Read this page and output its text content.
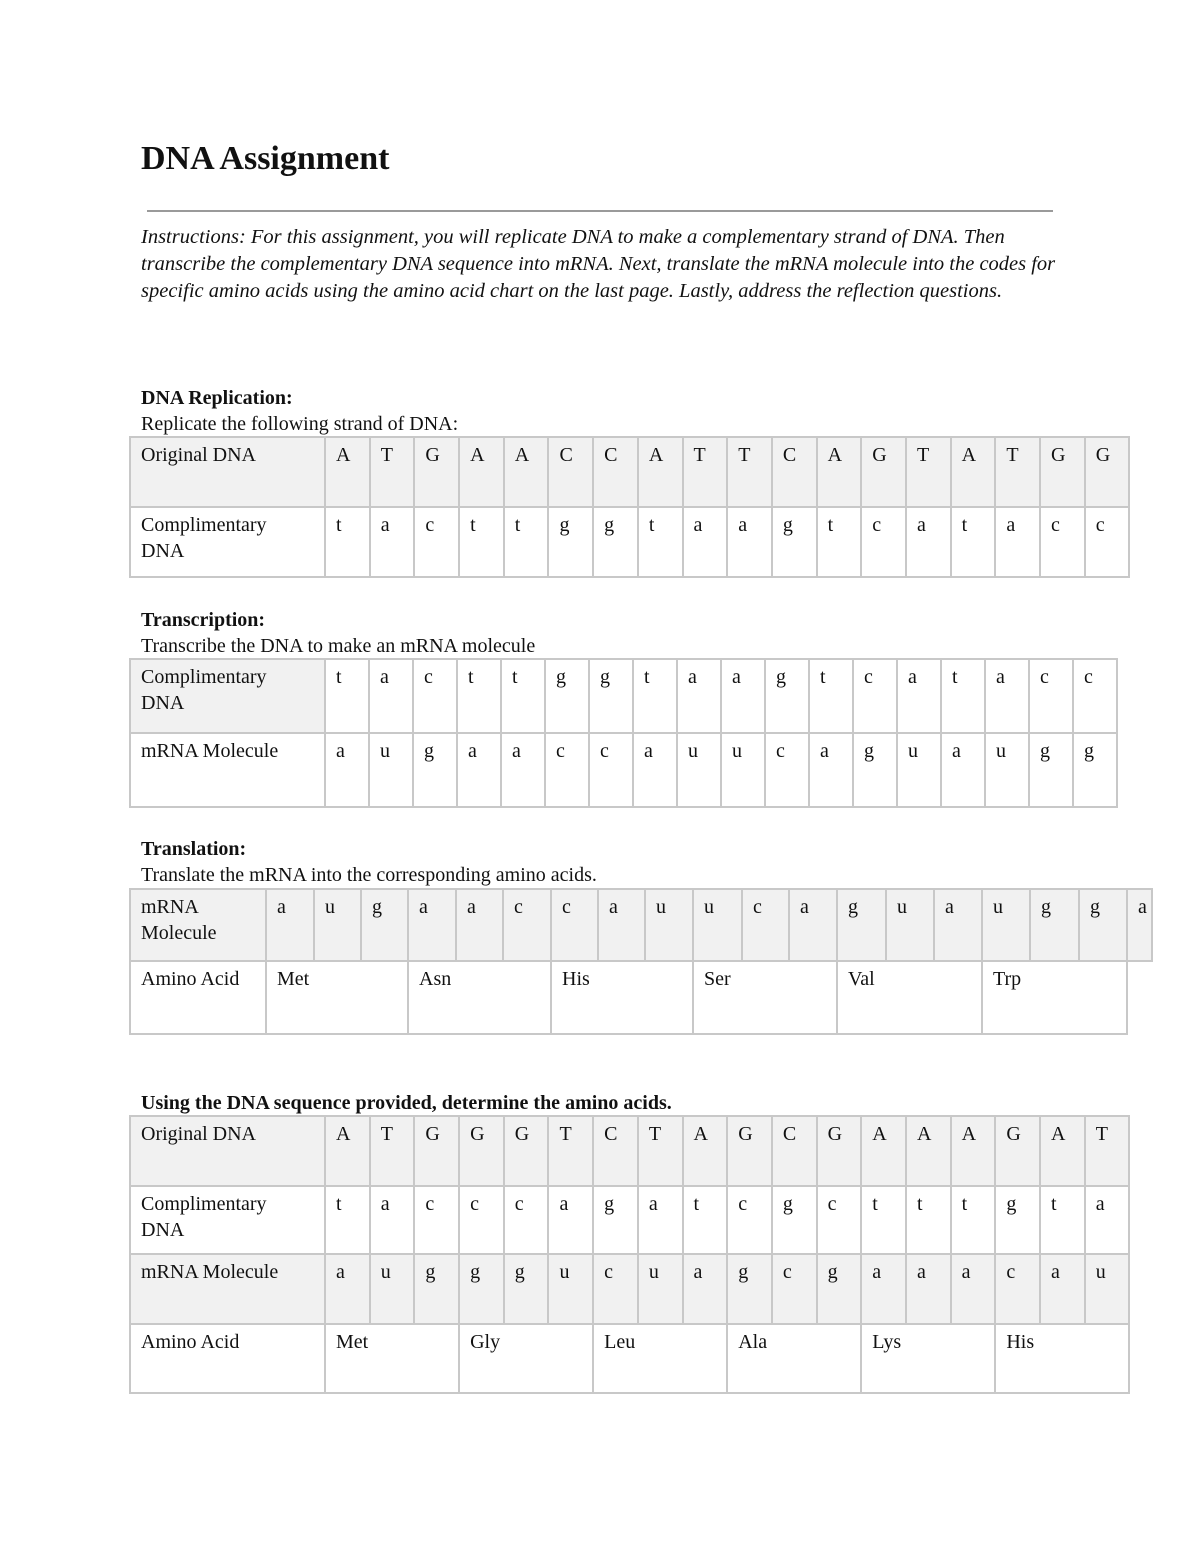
DNA Assignment

Instructions: For this assignment, you will replicate DNA to make a complementary strand of DNA. Then transcribe the complementary DNA sequence into mRNA. Next, translate the mRNA molecule into the codes for specific amino acids using the amino acid chart on the last page. Lastly, address the reflection questions.

DNA Replication:

Replicate the following strand of DNA:

Original DNA	A	T	G	A	A	C	C	A	T	T	C	A	G	T	A	T	G	G
Complimentary DNA	t	a	c	t	t	g	g	t	a	a	g	t	c	a	t	a	c	c

Transcription:

Transcribe the DNA to make an mRNA molecule

Complimentary DNA	t	a	c	t	t	g	g	t	a	a	g	t	c	a	t	a	c	c
mRNA Molecule	a	u	g	a	a	c	c	a	u	u	c	a	g	u	a	u	g	g

Translation:

Translate the mRNA into the corresponding amino acids.

mRNA Molecule	a	u	g	a	a	c	c	a	u	u	c	a	g	u	a	u	g	g	a
Amino Acid	Met			Asn			His			Ser			Val			Trp			

Using the DNA sequence provided, determine the amino acids.

Original DNA	A	T	G	G	G	T	C	T	A	G	C	G	A	A	A	G	A	T
Complimentary DNA	t	a	c	c	c	a	g	a	t	c	g	c	t	t	t	g	t	a
mRNA Molecule	a	u	g	g	g	u	c	u	a	g	c	g	a	a	a	c	a	u
Amino Acid	Met			Gly			Leu			Ala			Lys			His		
